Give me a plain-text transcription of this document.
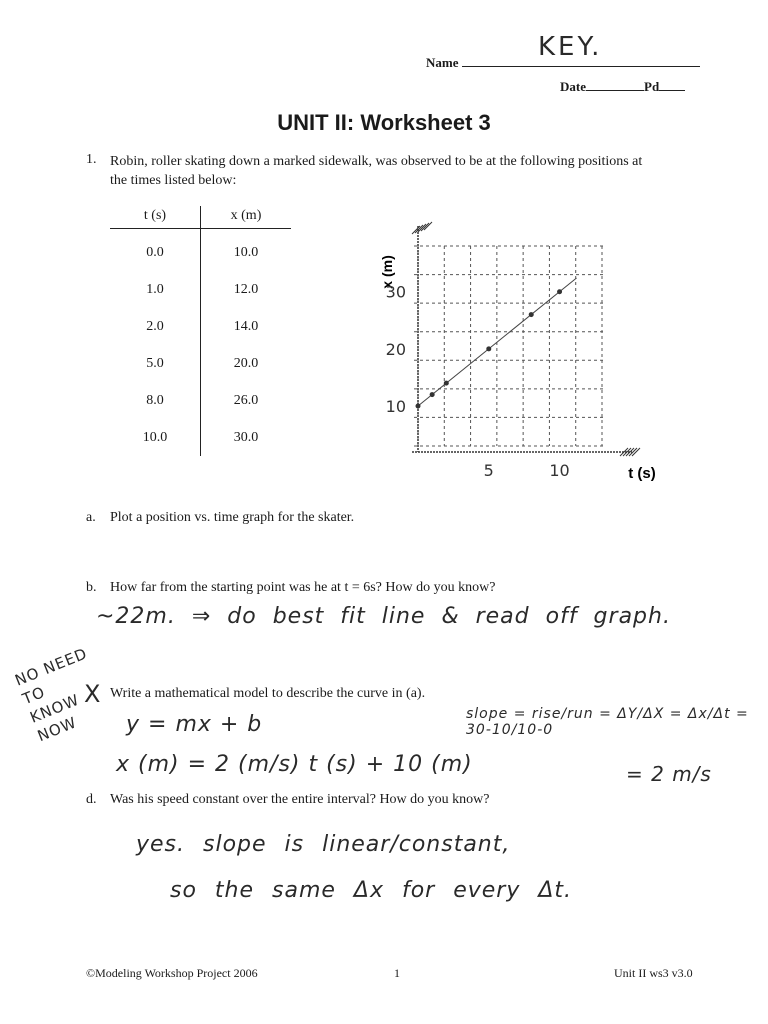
Name
KEY.
Date	Pd
UNIT II: Worksheet 3
1. Robin, roller skating down a marked sidewalk, was observed to be at the following positions at
the times listed below:
t (s)	x (m)
0.0	10.0
1.0	12.0
2.0	14.0
5.0	20.0
8.0	26.0
10.0	30.0
x (m)
t (s)
5	10
10
20
30
a. Plot a position vs. time graph for the skater.
b. How far from the starting point was he at t = 6s? How do you know?
~22m. ⇒ do best fit line & read off graph.
NO NEED TO KNOW NOW
X Write a mathematical model to describe the curve in (a).
y = mx + b
x (m) = 2 (m/s) t (s) + 10 (m)
slope = rise/run = ΔY/ΔX = Δx/Δt = 30-10/10-0
= 2 m/s
d. Was his speed constant over the entire interval? How do you know?
yes. slope is linear/constant,
so the same Δx for every Δt.
©Modeling Workshop Project 2006	1	Unit II ws3 v3.0
